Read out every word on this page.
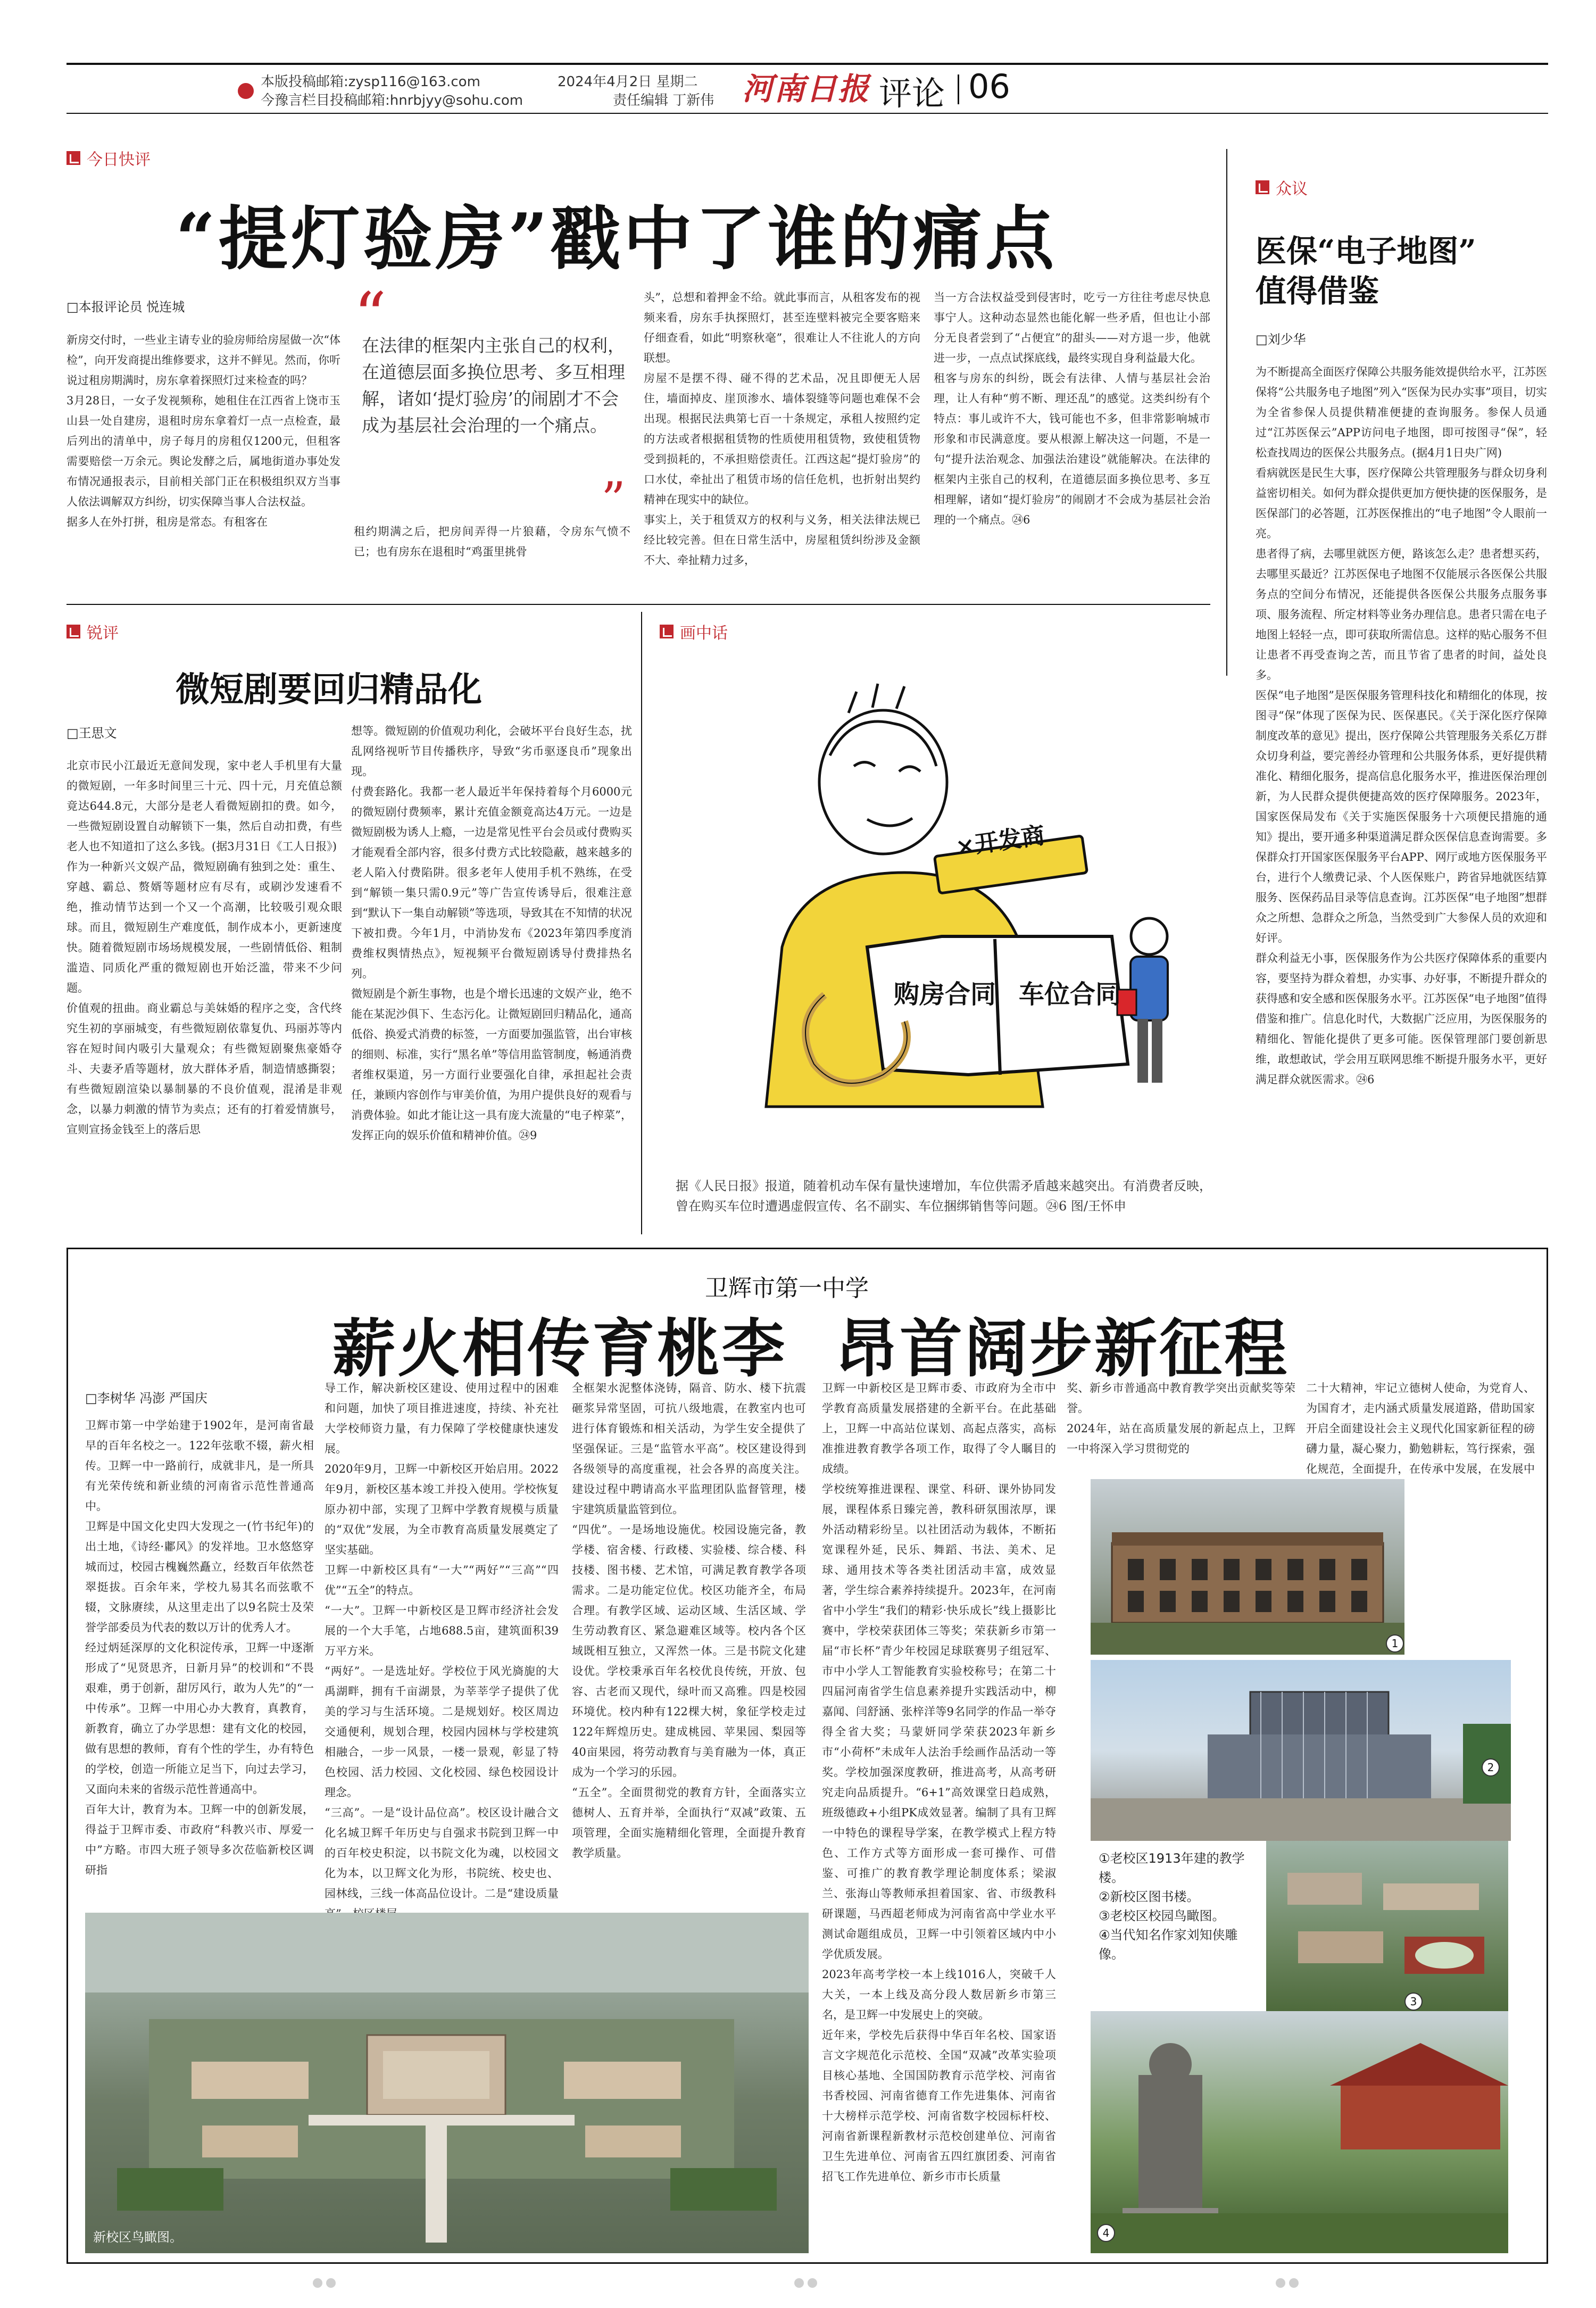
本版投稿邮箱:zysp116@163.com
今豫言栏目投稿邮箱:hnrbjyy@sohu.com
2024年4月2日 星期二
责任编辑 丁新伟 河南日报 评论 06
今日快评
“提灯验房”戳中了谁的痛点
□本报评论员 悦连城
新房交付时，一些业主请专业的验房师给房屋做一次“体检”，向开发商提出维修要求，这并不鲜见。然而，你听说过租房期满时，房东拿着探照灯过来检查的吗？
3月28日，一女子发视频称，她租住在江西省上饶市玉山县一处自建房，退租时房东拿着灯一点一点检查，最后列出的清单中，房子每月的房租仅1200元，但租客需要赔偿一万余元。舆论发酵之后，属地街道办事处发布情况通报表示，目前相关部门正在积极组织双方当事人依法调解双方纠纷，切实保障当事人合法权益。
据多人在外打拼，租房是常态。有租客在
“
在法律的框架内主张自己的权利，在道德层面多换位思考、多互相理解，诸如‘提灯验房’的闹剧才不会成为基层社会治理的一个痛点。
”
租约期满之后，把房间弄得一片狼藉，令房东气愤不已；也有房东在退租时“鸡蛋里挑骨
头”，总想和着押金不给。就此事而言，从租客发布的视频来看，房东手执探照灯，甚至连壁料被完全要客赔来仔细查看，如此“明察秋毫”，很难让人不往讹人的方向联想。
房屋不是摆不得、碰不得的艺术品，况且即便无人居住，墙面掉皮、崖顶渗水、墙体裂缝等问题也难保不会出现。根据民法典第七百一十条规定，承租人按照约定的方法或者根据租赁物的性质使用租赁物，致使租赁物受到损耗的，不承担赔偿责任。江西这起“提灯验房”的口水仗，牵扯出了租赁市场的信任危机，也折射出契约精神在现实中的缺位。
事实上，关于租赁双方的权利与义务，相关法律法规已经比较完善。但在日常生活中，房屋租赁纠纷涉及金额不大、牵扯精力过多，
当一方合法权益受到侵害时，吃亏一方往往考虑尽快息事宁人。这种动态显然也能化解一些矛盾，但也让小部分无良者尝到了“占便宜”的甜头——对方退一步，他就进一步，一点点试探底线，最终实现自身利益最大化。
租客与房东的纠纷，既会有法律、人情与基层社会治理，让人有种“剪不断、理还乱”的感觉。这类纠纷有个特点：事儿或许不大，钱可能也不多，但非常影响城市形象和市民满意度。要从根源上解决这一问题，不是一句“提升法治观念、加强法治建设”就能解决。在法律的框架内主张自己的权利，在道德层面多换位思考、多互相理解，诸如“提灯验房”的闹剧才不会成为基层社会治理的一个痛点。㉔6
众议
医保“电子地图”
值得借鉴
□刘少华
为不断提高全面医疗保障公共服务能效提供给水平，江苏医保将“公共服务电子地图”列入“医保为民办实事”项目，切实为全省参保人员提供精准便捷的查询服务。参保人员通过“江苏医保云”APP访问电子地图，即可按图寻“保”，轻松查找周边的医保公共服务点。(据4月1日央广网)
看病就医是民生大事，医疗保障公共管理服务与群众切身利益密切相关。如何为群众提供更加方便快捷的医保服务，是医保部门的必答题，江苏医保推出的“电子地图”令人眼前一亮。
患者得了病，去哪里就医方便，路该怎么走？患者想买药，去哪里买最近？江苏医保电子地图不仅能展示各医保公共服务点的空间分布情况，还能提供各医保公共服务点服务事项、服务流程、所定材料等业务办理信息。患者只需在电子地图上轻轻一点，即可获取所需信息。这样的贴心服务不但让患者不再受查询之苦，而且节省了患者的时间，益处良多。
医保“电子地图”是医保服务管理科技化和精细化的体现，按图寻“保”体现了医保为民、医保惠民。《关于深化医疗保障制度改革的意见》提出，医疗保障公共管理服务关系亿万群众切身利益，要完善经办管理和公共服务体系，更好提供精准化、精细化服务，提高信息化服务水平，推进医保治理创新，为人民群众提供便捷高效的医疗保障服务。2023年，国家医保局发布《关于实施医保服务十六项便民措施的通知》提出，要开通多种渠道满足群众医保信息查询需要。多保群众打开国家医保服务平台APP、网厅或地方医保服务平台，进行个人缴费记录、个人医保账户，跨省异地就医结算服务、医保药品目录等信息查询。江苏医保“电子地图”想群众之所想、急群众之所急，当然受到广大参保人员的欢迎和好评。
群众利益无小事，医保服务作为公共医疗保障体系的重要内容，要坚持为群众着想，办实事、办好事，不断提升群众的获得感和安全感和医保服务水平。江苏医保“电子地图”值得借鉴和推广。信息化时代，大数据广泛应用，为医保服务的精细化、智能化提供了更多可能。医保管理部门要创新思维，敢想敢试，学会用互联网思维不断提升服务水平，更好满足群众就医需求。㉔6
锐评
微短剧要回归精品化
□王思文
北京市民小江最近无意间发现，家中老人手机里有大量的微短剧，一年多时间里三十元、四十元，月充值总额竟达644.8元，大部分是老人看微短剧扣的费。如今，一些微短剧设置自动解锁下一集，然后自动扣费，有些老人也不知道扣了这么多钱。(据3月31日《工人日报》)
作为一种新兴文娱产品，微短剧确有独到之处：重生、穿越、霸总、赘婿等题材应有尽有，或刷沙发速看不绝，推动情节达到一个又一个高潮，比较吸引观众眼球。而且，微短剧生产难度低，制作成本小，更新速度快。随着微短剧市场场规模发展，一些剧情低俗、粗制滥造、同质化严重的微短剧也开始泛滥，带来不少问题。
价值观的扭曲。商业霸总与美妹婚的程序之变，含代终究生初的享丽城变，有些微短剧依靠复仇、玛丽苏等内容在短时间内吸引大量观众；有些微短剧聚焦豪婚夺斗、夫妻矛盾等题材，放大群体矛盾，制造情感撕裂；有些微短剧渲染以暴制暴的不良价值观，混淆是非观念，以暴力刺激的情节为卖点；还有的打着爱情旗号，宣则宣扬金钱至上的落后思
想等。微短剧的价值观功利化，会破坏平台良好生态，扰乱网络视听节目传播秩序，导致“劣币驱逐良币”现象出现。
付费套路化。我都一老人最近半年保持着每个月6000元的微短剧付费频率，累计充值金额竟高达4万元。一边是微短剧极为诱人上瘾，一边是常见性平台会员或付费购买才能观看全部内容，很多付费方式比较隐蔽，越来越多的老人陷入付费陷阱。很多老年人使用手机不熟练，在受到“解锁一集只需0.9元”等广告宣传诱导后，很难注意到“默认下一集自动解锁”等选项，导致其在不知情的状况下被扣费。今年1月，中消协发布《2023年第四季度消费维权舆情热点》，短视频平台微短剧诱导付费排热名列。
微短剧是个新生事物，也是个增长迅速的文娱产业，绝不能在某泥沙俱下、生态污化。让微短剧回归精品化，通高低俗、换爱式消费的标签，一方面要加强监管，出台审核的细则、标准，实行“黑名单”等信用监管制度，畅通消费者维权渠道，另一方面行业要强化自律，承担起社会责任，兼顾内容创作与审美价值，为用户提供良好的观看与消费体验。如此才能让这一具有庞大流量的“电子榨菜”，发挥正向的娱乐价值和精神价值。㉔9
画中话
×开发商
购房合同 车位合同
据《人民日报》报道，随着机动车保有量快速增加，车位供需矛盾越来越突出。有消费者反映，曾在购买车位时遭遇虚假宣传、名不副实、车位捆绑销售等问题。㉔6 图/王怀申
卫辉市第一中学
薪火相传育桃李  昂首阔步新征程
□李树华 冯澎 严国庆
卫辉市第一中学始建于1902年，是河南省最早的百年名校之一。122年弦歌不辍，薪火相传。卫辉一中一路前行，成就非凡，是一所具有光荣传统和新业绩的河南省示范性普通高中。
卫辉是中国文化史四大发现之一(竹书纪年)的出土地，《诗经·鄘风》的发祥地。卫水悠悠穿城而过，校园古槐巍然矗立，经数百年依然苍翠挺拔。百余年来，学校九易其名而弦歌不辍，文脉赓续，从这里走出了以9名院士及荣誉学部委员为代表的数以万计的优秀人才。
经过炳延深厚的文化积淀传承，卫辉一中逐渐形成了“见贤思齐，日新月异”的校训和“不畏艰难，勇于创新，甜厉风行，敢为人先”的“一中传承”。卫辉一中用心办大教育，真教育，新教育，确立了办学思想：建有文化的校园，做有思想的教师，育有个性的学生，办有特色的学校，创造一所能立足当下，向过去学习，又面向未来的省级示范性普通高中。
百年大计，教育为本。卫辉一中的创新发展，得益于卫辉市委、市政府“科教兴市、厚爱一中”方略。市四大班子领导多次莅临新校区调研指
导工作，解决新校区建设、使用过程中的困难和问题，加快了项目推进速度，持续、补充社大学校师资力量，有力保障了学校健康快速发展。
2020年9月，卫辉一中新校区开始启用。2022年9月，新校区基本竣工并投入使用。学校恢复原办初中部，实现了卫辉中学教育规模与质量的“双优”发展，为全市教育高质量发展奠定了坚实基础。
卫辉一中新校区具有“一大”“两好”“三高”“四优”“五全”的特点。
“一大”。卫辉一中新校区是卫辉市经济社会发展的一个大手笔，占地688.5亩，建筑面积39万平方米。
“两好”。一是选址好。学校位于风光旖旎的大禹湖畔，拥有千亩湖景，为莘莘学子提供了优美的学习与生活环境。二是规划好。校区周边交通便利，规划合理，校园内园林与学校建筑相融合，一步一风景，一楼一景观，彰显了特色校园、活力校园、文化校园、绿色校园设计理念。
“三高”。一是“设计品位高”。校区设计融合文化名城卫辉千年历史与自强求书院到卫辉一中的百年校史积淀，以书院文化为魂，以校园文化为本，以卫辉文化为形，书院统、校史也、园林线，三线一体高品位设计。二是“建设质量
全框架水泥整体浇铸，隔音、防水、楼下抗震砸浆异常坚固，可抗八级地震，在教室内也可进行体育锻炼和相关活动，为学生安全提供了坚强保证。三是“监管水平高”。校区建设得到各级领导的高度重视，社会各界的高度关注。建设过程中聘请高水平监理团队监督管理，楼宇建筑质量监管到位。
“四优”。一是场地设施优。校园设施完备，教学楼、宿舍楼、行政楼、实验楼、综合楼、科技楼、图书楼、艺术馆，可满足教育教学各项需求。二是功能定位优。校区功能齐全，布局合理。有教学区域、运动区域、生活区域、学生劳动教育区、紧急避难区域等。校内各个区域既相互独立，又浑然一体。三是书院文化建设优。学校秉承百年名校优良传统，开放、包容、古老而又现代，绿叶而又高雅。四是校园环境优。校内种有122棵大树，象征学校走过122年辉煌历史。建成桃园、苹果园、梨园等40亩果园，将劳动教育与美育融为一体，真正成为一个学习的乐园。
“五全”。全面贯彻党的教育方针，全面落实立德树人、五育并举，全面执行“双减”政策、五项管理，全面实施精细化管理，全面提升教育教学质量。
卫辉一中新校区是卫辉市委、市政府为全市中学教育高质量发展搭建的全新平台。在此基础上，卫辉一中高站位谋划、高起点落实，高标准推进教育教学各项工作，取得了令人瞩目的成绩。
学校统筹推进课程、课堂、科研、课外协同发展，课程体系日臻完善，教科研氛围浓厚，课外活动精彩纷呈。以社团活动为载体，不断拓宽课程外延，民乐、舞蹈、书法、美术、足球、通用技术等各类社团活动丰富，成效显著，学生综合素养持续提升。2023年，在河南省中小学生“我们的精彩·快乐成长”线上摄影比赛中，学校荣获团体三等奖；荣获新乡市第一届“市长杯”青少年校园足球联赛男子组冠军、市中小学人工智能教育实验校称号；在第二十四届河南省学生信息素养提升实践活动中，柳嘉闻、闫舒涵、张梓洋等9名同学的作品一举夺得全省大奖；马蒙妍同学荣获2023年新乡市“小荷杯”未成年人法治手绘画作品活动一等奖。学校加强深度教研，推进高考，从高考研究走向品质提升。“6+1”高效课堂日趋成熟，班级德政+小组PK成效显著。编制了具有卫辉一中特色的课程导学案，在教学模式上程方特色、工作方式等方面形成一套可操作、可借鉴、可推广的教育教学理论制度体系；梁淑兰、张海山等教师承担着国家、省、市级教科研课题，马西超老师成为河南省高中学业水平测试命题组成员，卫辉一中引领着区域内中小学优质发展。
2023年高考学校一本上线1016人，突破千人大关，一本上线及高分段人数居新乡市第三名，是卫辉一中发展史上的突破。
近年来，学校先后获得中华百年名校、国家语言文字规范化示范校、全国“双减”改革实验项目核心基地、全国国防教育示范学校、河南省书香校园、河南省德育工作先进集体、河南省十大榜样示范学校、河南省数字校园标杆校、河南省新课程新教材示范校创建单位、河南省卫生先进单位、河南省五四红旗团委、河南省招飞工作先进单位、新乡市市长质量
奖、新乡市普通高中教育教学突出贡献奖等荣誉。
2024年，站在高质量发展的新起点上，卫辉一中将深入学习贯彻党的
二十大精神，牢记立德树人使命，为党育人、为国育才，走内涵式质量发展道路，借助国家开启全面建设社会主义现代化国家新征程的磅礴力量，凝心聚力，勤勉耕耘，笃行探索，强化规范，全面提升，在传承中发展，在发展中
新校区鸟瞰图。
1
2
3
①老校区1913年建的教学楼。
②新校区图书楼。
③老校区校园鸟瞰图。
④当代知名作家刘知侠雕像。
4
